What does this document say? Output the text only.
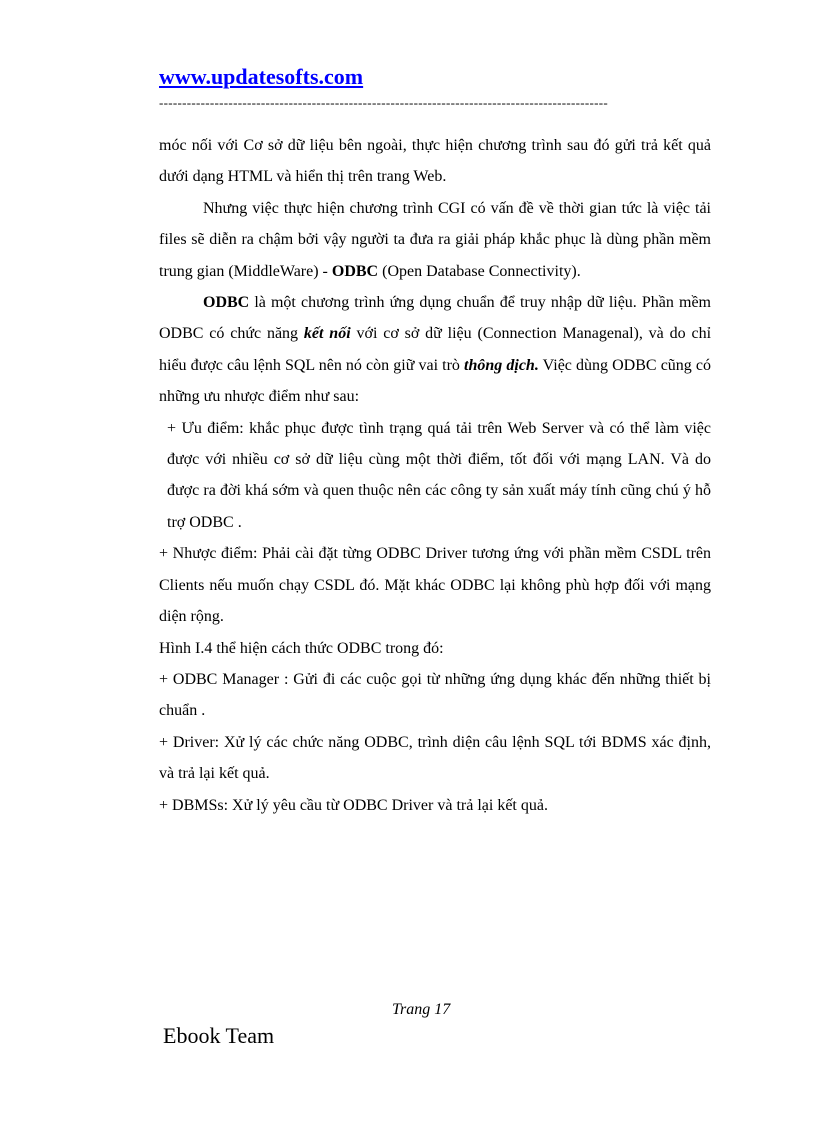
www.updatesofts.com
-------------------------------------------------------------------------------------------------

móc nối với Cơ sở dữ liệu bên ngoài, thực hiện chương trình sau đó gửi trả kết quả dưới dạng HTML và hiển thị trên trang Web.

Nhưng việc thực hiện chương trình CGI có vấn đề về thời gian tức là việc tải files sẽ diễn ra chậm bởi vậy người ta đưa ra giải pháp khắc phục là dùng phần mềm trung gian (MiddleWare) - ODBC (Open Database Connectivity).

ODBC là một chương trình ứng dụng chuẩn để truy nhập dữ liệu. Phần mềm ODBC có chức năng kết nối với cơ sở dữ liệu (Connection Managenal), và do chỉ hiểu được câu lệnh SQL nên nó còn giữ vai trò thông dịch. Việc dùng ODBC cũng có những ưu nhược điểm như sau:

+ Ưu điểm: khắc phục được tình trạng quá tải trên Web Server và có thể làm việc được với nhiều cơ sở dữ liệu cùng một thời điểm, tốt đối với mạng LAN. Và do được ra đời khá sớm và quen thuộc nên các công ty sản xuất máy tính cũng chú ý hỗ trợ ODBC .

+ Nhược điểm: Phải cài đặt từng ODBC Driver tương ứng với phần mềm CSDL trên Clients nếu muốn chạy CSDL đó. Mặt khác ODBC lại không phù hợp đối với mạng diện rộng.

Hình I.4 thể hiện cách thức ODBC trong đó:

+ ODBC Manager : Gửi đi các cuộc gọi từ những ứng dụng khác đến những thiết bị chuẩn .

+ Driver: Xử lý các chức năng ODBC, trình diện câu lệnh SQL tới BDMS xác định, và trả lại kết quả.

+ DBMSs: Xử lý yêu cầu từ ODBC Driver và trả lại kết quả.

Trang 17

Ebook Team
